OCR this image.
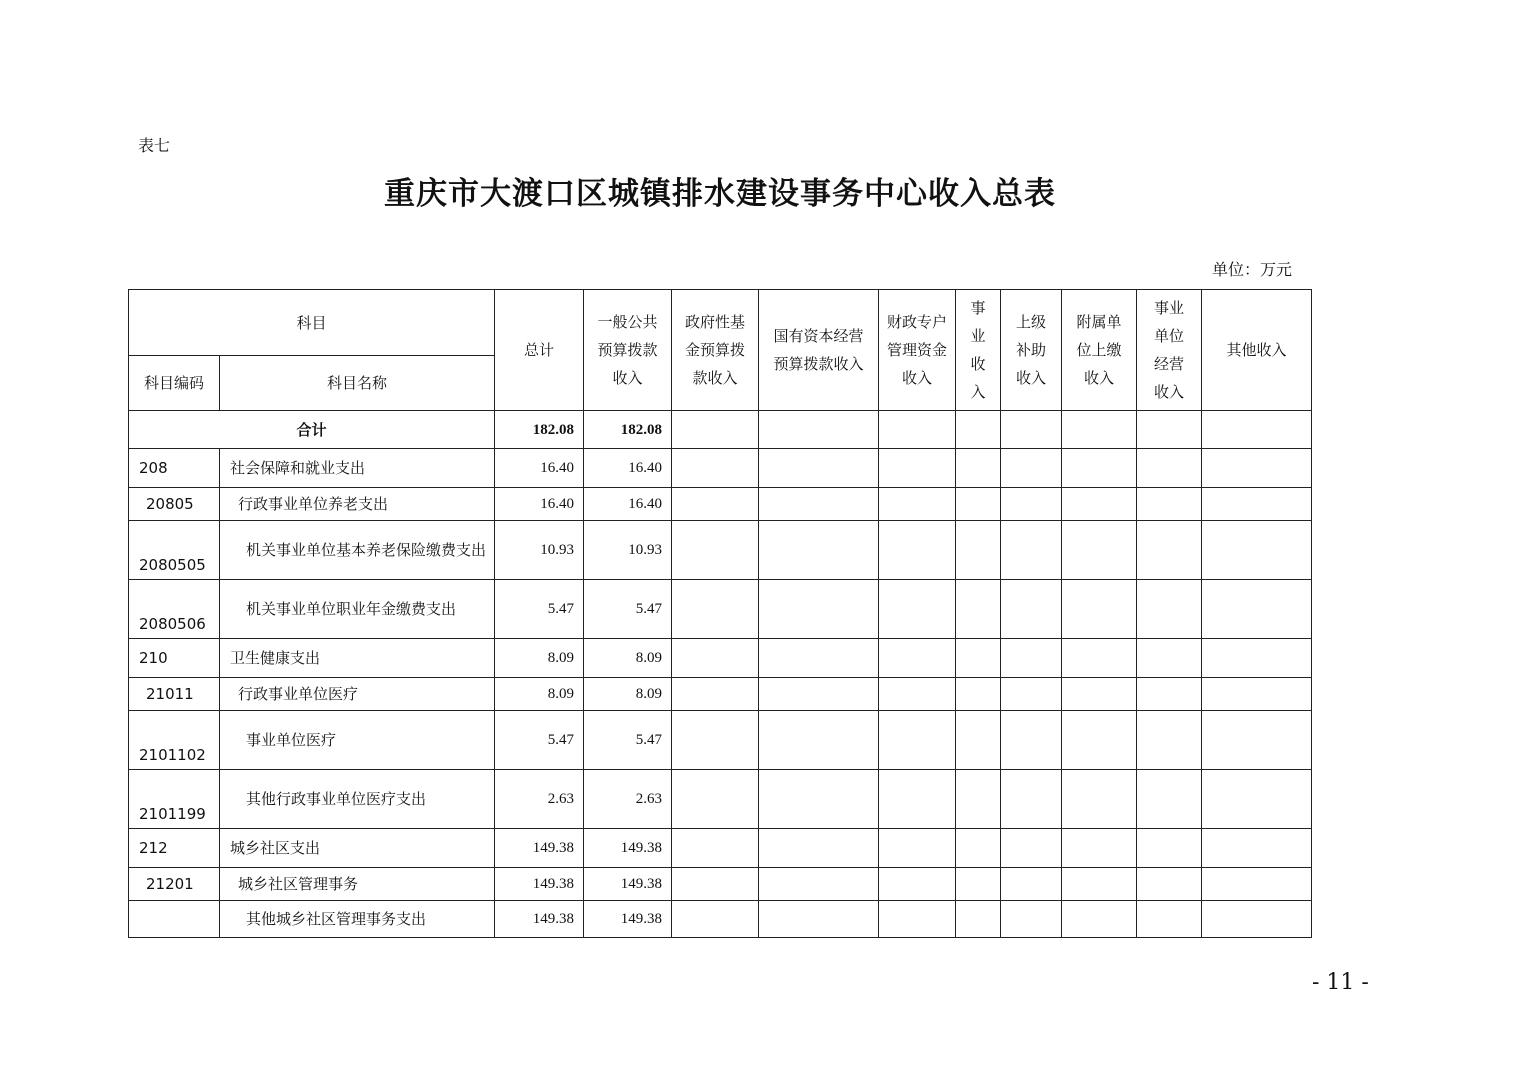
表七
重庆市大渡口区城镇排水建设事务中心收入总表
单位：万元
科目		总计	一般公共预算拨款收入	政府性基金预算拨款收入	国有资本经营预算拨款收入	财政专户管理资金收入	事业收入	上级补助收入	附属单位上缴收入	事业单位经营收入	其他收入
科目编码	科目名称										
合计		182.08	182.08								
208	社会保障和就业支出	16.40	16.40								
20805	行政事业单位养老支出	16.40	16.40								
2080505	机关事业单位基本养老保险缴费支出	10.93	10.93								
2080506	机关事业单位职业年金缴费支出	5.47	5.47								
210	卫生健康支出	8.09	8.09								
21011	行政事业单位医疗	8.09	8.09								
2101102	事业单位医疗	5.47	5.47								
2101199	其他行政事业单位医疗支出	2.63	2.63								
212	城乡社区支出	149.38	149.38								
21201	城乡社区管理事务	149.38	149.38								
	其他城乡社区管理事务支出	149.38	149.38								
- 11 -
